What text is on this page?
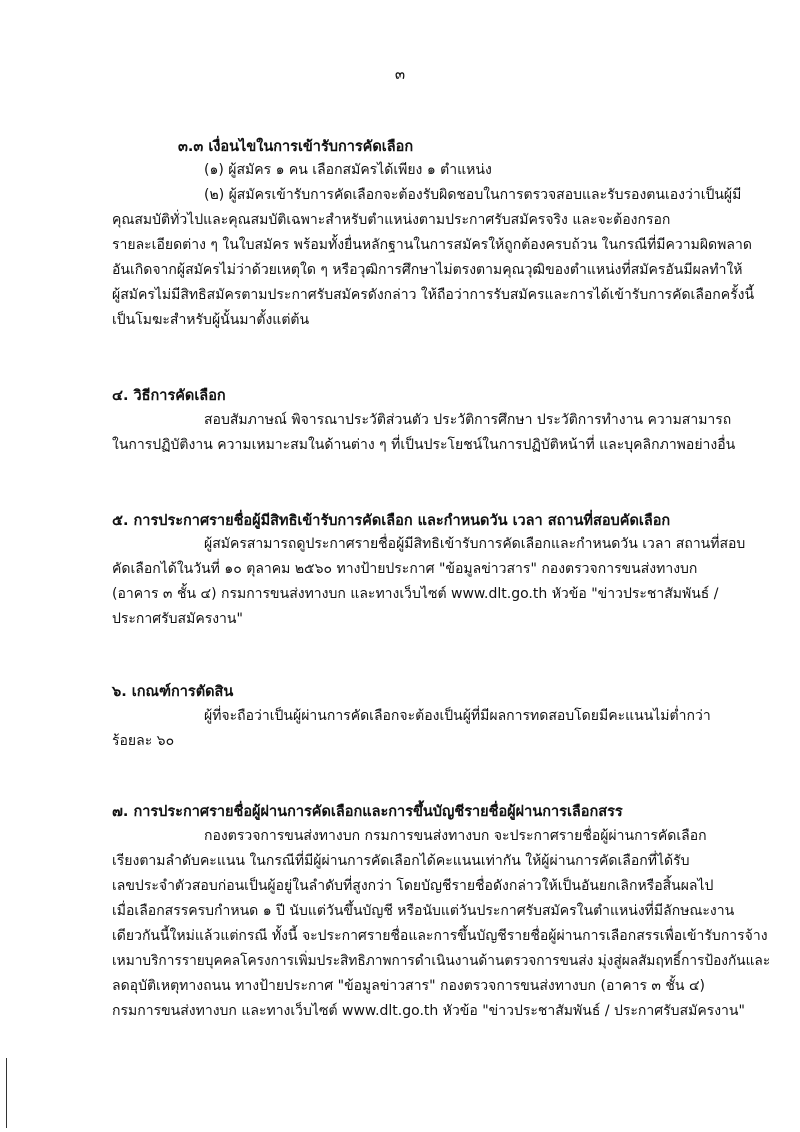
๓
๓.๓ เงื่อนไขในการเข้ารับการคัดเลือก
(๑) ผู้สมัคร ๑ คน เลือกสมัครได้เพียง ๑ ตำแหน่ง
(๒) ผู้สมัครเข้ารับการคัดเลือกจะต้องรับผิดชอบในการตรวจสอบและรับรองตนเองว่าเป็นผู้มี
คุณสมบัติทั่วไปและคุณสมบัติเฉพาะสำหรับตำแหน่งตามประกาศรับสมัครจริง และจะต้องกรอก
รายละเอียดต่าง ๆ ในใบสมัคร พร้อมทั้งยื่นหลักฐานในการสมัครให้ถูกต้องครบถ้วน ในกรณีที่มีความผิดพลาด
อันเกิดจากผู้สมัครไม่ว่าด้วยเหตุใด ๆ หรือวุฒิการศึกษาไม่ตรงตามคุณวุฒิของตำแหน่งที่สมัครอันมีผลทำให้
ผู้สมัครไม่มีสิทธิสมัครตามประกาศรับสมัครดังกล่าว ให้ถือว่าการรับสมัครและการได้เข้ารับการคัดเลือกครั้งนี้
เป็นโมฆะสำหรับผู้นั้นมาตั้งแต่ต้น
๔. วิธีการคัดเลือก
สอบสัมภาษณ์ พิจารณาประวัติส่วนตัว ประวัติการศึกษา ประวัติการทำงาน ความสามารถ
ในการปฏิบัติงาน ความเหมาะสมในด้านต่าง ๆ ที่เป็นประโยชน์ในการปฏิบัติหน้าที่ และบุคลิกภาพอย่างอื่น
๕. การประกาศรายชื่อผู้มีสิทธิเข้ารับการคัดเลือก และกำหนดวัน เวลา สถานที่สอบคัดเลือก
ผู้สมัครสามารถดูประกาศรายชื่อผู้มีสิทธิเข้ารับการคัดเลือกและกำหนดวัน เวลา สถานที่สอบ
คัดเลือกได้ในวันที่ ๑๐ ตุลาคม ๒๕๖๐ ทางป้ายประกาศ "ข้อมูลข่าวสาร" กองตรวจการขนส่งทางบก
(อาคาร ๓ ชั้น ๔) กรมการขนส่งทางบก และทางเว็บไซต์ www.dlt.go.th หัวข้อ "ข่าวประชาสัมพันธ์ /
ประกาศรับสมัครงาน"
๖. เกณฑ์การตัดสิน
ผู้ที่จะถือว่าเป็นผู้ผ่านการคัดเลือกจะต้องเป็นผู้ที่มีผลการทดสอบโดยมีคะแนนไม่ต่ำกว่า
ร้อยละ ๖๐
๗. การประกาศรายชื่อผู้ผ่านการคัดเลือกและการขึ้นบัญชีรายชื่อผู้ผ่านการเลือกสรร
กองตรวจการขนส่งทางบก กรมการขนส่งทางบก จะประกาศรายชื่อผู้ผ่านการคัดเลือก
เรียงตามลำดับคะแนน ในกรณีที่มีผู้ผ่านการคัดเลือกได้คะแนนเท่ากัน ให้ผู้ผ่านการคัดเลือกที่ได้รับ
เลขประจำตัวสอบก่อนเป็นผู้อยู่ในลำดับที่สูงกว่า โดยบัญชีรายชื่อดังกล่าวให้เป็นอันยกเลิกหรือสิ้นผลไป
เมื่อเลือกสรรครบกำหนด ๑ ปี นับแต่วันขึ้นบัญชี หรือนับแต่วันประกาศรับสมัครในตำแหน่งที่มีลักษณะงาน
เดียวกันนี้ใหม่แล้วแต่กรณี ทั้งนี้ จะประกาศรายชื่อและการขึ้นบัญชีรายชื่อผู้ผ่านการเลือกสรรเพื่อเข้ารับการจ้าง
เหมาบริการรายบุคคลโครงการเพิ่มประสิทธิภาพการดำเนินงานด้านตรวจการขนส่ง มุ่งสู่ผลสัมฤทธิ์การป้องกันและ
ลดอุบัติเหตุทางถนน ทางป้ายประกาศ "ข้อมูลข่าวสาร" กองตรวจการขนส่งทางบก (อาคาร ๓ ชั้น ๔)
กรมการขนส่งทางบก และทางเว็บไซต์ www.dlt.go.th หัวข้อ "ข่าวประชาสัมพันธ์ / ประกาศรับสมัครงาน"
